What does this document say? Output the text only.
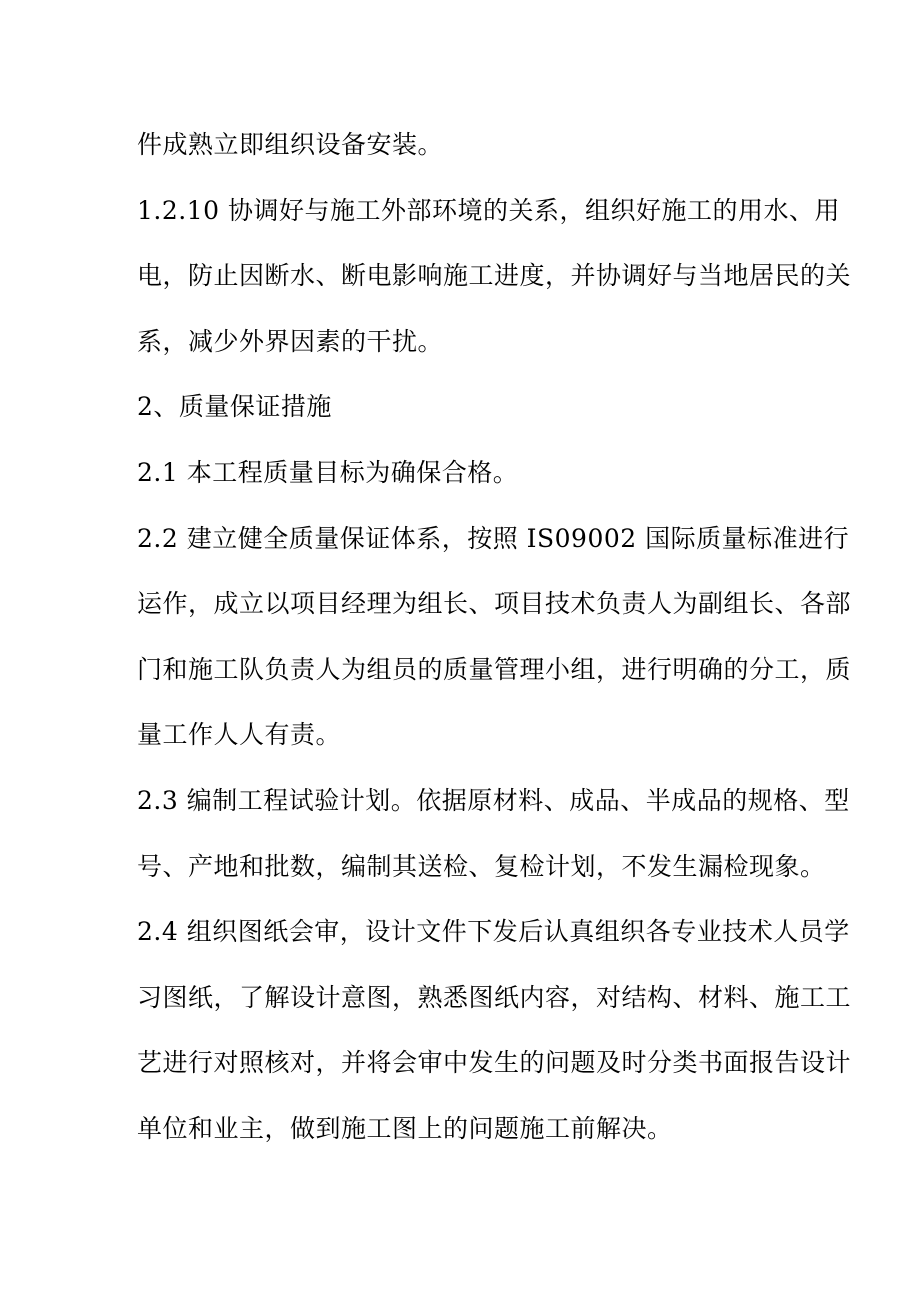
件成熟立即组织设备安装。
1.2.10 协调好与施工外部环境的关系，组织好施工的用水、用
电，防止因断水、断电影响施工进度，并协调好与当地居民的关
系，减少外界因素的干扰。
2、质量保证措施
2.1 本工程质量目标为确保合格。
2.2 建立健全质量保证体系，按照 IS09002 国际质量标准进行
运作，成立以项目经理为组长、项目技术负责人为副组长、各部
门和施工队负责人为组员的质量管理小组，进行明确的分工，质
量工作人人有责。
2.3 编制工程试验计划。依据原材料、成品、半成品的规格、型
号、产地和批数，编制其送检、复检计划，不发生漏检现象。
2.4 组织图纸会审，设计文件下发后认真组织各专业技术人员学
习图纸，了解设计意图，熟悉图纸内容，对结构、材料、施工工
艺进行对照核对，并将会审中发生的问题及时分类书面报告设计
单位和业主，做到施工图上的问题施工前解决。
